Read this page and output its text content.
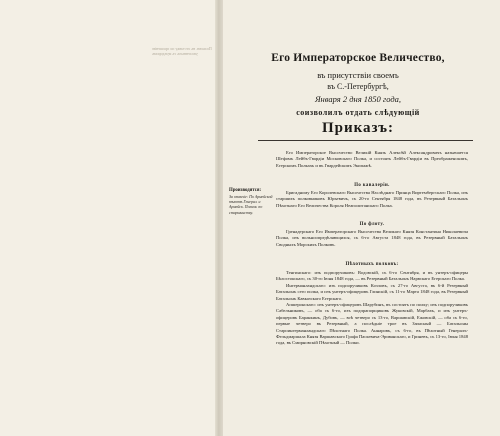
Полковн. въ отставку по прошенію уволенныхъ съ мундиромъ	Его Императорское Величество,
въ присутствіи своемъ
въ С.-Петербургѣ,
Января 2 дня 1850 года,
соизволилъ отдать слѣдующій
Приказъ:

Его Императорское Высочество Великій Князь Алексѣй Александровичъ назначается Шефомъ Лейбъ-Гвардіи Московскаго Полка, и состоять Лейбъ-Гвардіи въ Преображенскомъ, Егерскомъ Полкахъ и въ Гвардейскомъ Экипажѣ.

Производятся:
За отличіе: По Армейской пѣхотѣ Генерал. и Армейск. Полков. по старшинству.
По кавалеріи.

Бригадному Его Королевскаго Высочества Наслѣднаго Принца Виртембергскаго Полка, изъ старшихъ полковниковъ Юрьевичъ, съ 20-го Сентября 1848 года, въ Резервный Батальонъ Пѣхотнаго Его Величества Короля Неаполитанскаго Полка.

По флоту.

Гренадерскаго Его Императорскаго Высочества Великаго Князя Константина Николаевича Полка, изъ вольноопредѣляющихся, съ 6-го Августа 1848 года, въ Резервный Батальонъ Сводныхъ Морскихъ Полковъ.

Пѣхотныхъ полковъ:

Тенгинскаго: изъ подпоручиковъ: Водовскій, съ 6-го Сентября, и въ унтеръ-офицеры Бѣлостокскаго, съ 30-го Іюня 1848 года, — въ Резервный Батальонъ Нарвскаго Егерскаго Полка.

Ингерманландскаго: изъ подпоручиковъ Козловъ, съ 27-го Августа, въ 6-й Резервный Батальонъ сего полка, и изъ унтеръ-офицеровъ Глинскій, съ 11-го Марта 1848 года, въ Резервный Батальонъ Кавказскаго Егерскаго.

Апшеронскаго: изъ унтеръ-офицеровъ Шарубинъ, въ состоятъ по полку; изъ подпоручиковъ Сабельниковъ, — оба съ 6-го, изъ подпрапорщиковъ Жуковскій, Марбахъ, и изъ унтеръ-офицеровъ Баранкинъ, Дубовъ, — всѣ четверо съ 13-го, Варшавскій, Ежовскій, — оба съ 6-го, первые четверо въ Резервный, а послѣдніе трое въ Запасный — Батальоны Староингерманландскаго Пѣхотнаго Полка. Аннаровъ, съ 6-го, въ Пѣхотный Генералъ-Фельдмаршала Князя Варшавскаго Графа Паскевича-Эриванскаго, и Гриневъ, съ 13-го, Іюня 1848 года, въ Смирновскій Пѣхотный — Полки.
